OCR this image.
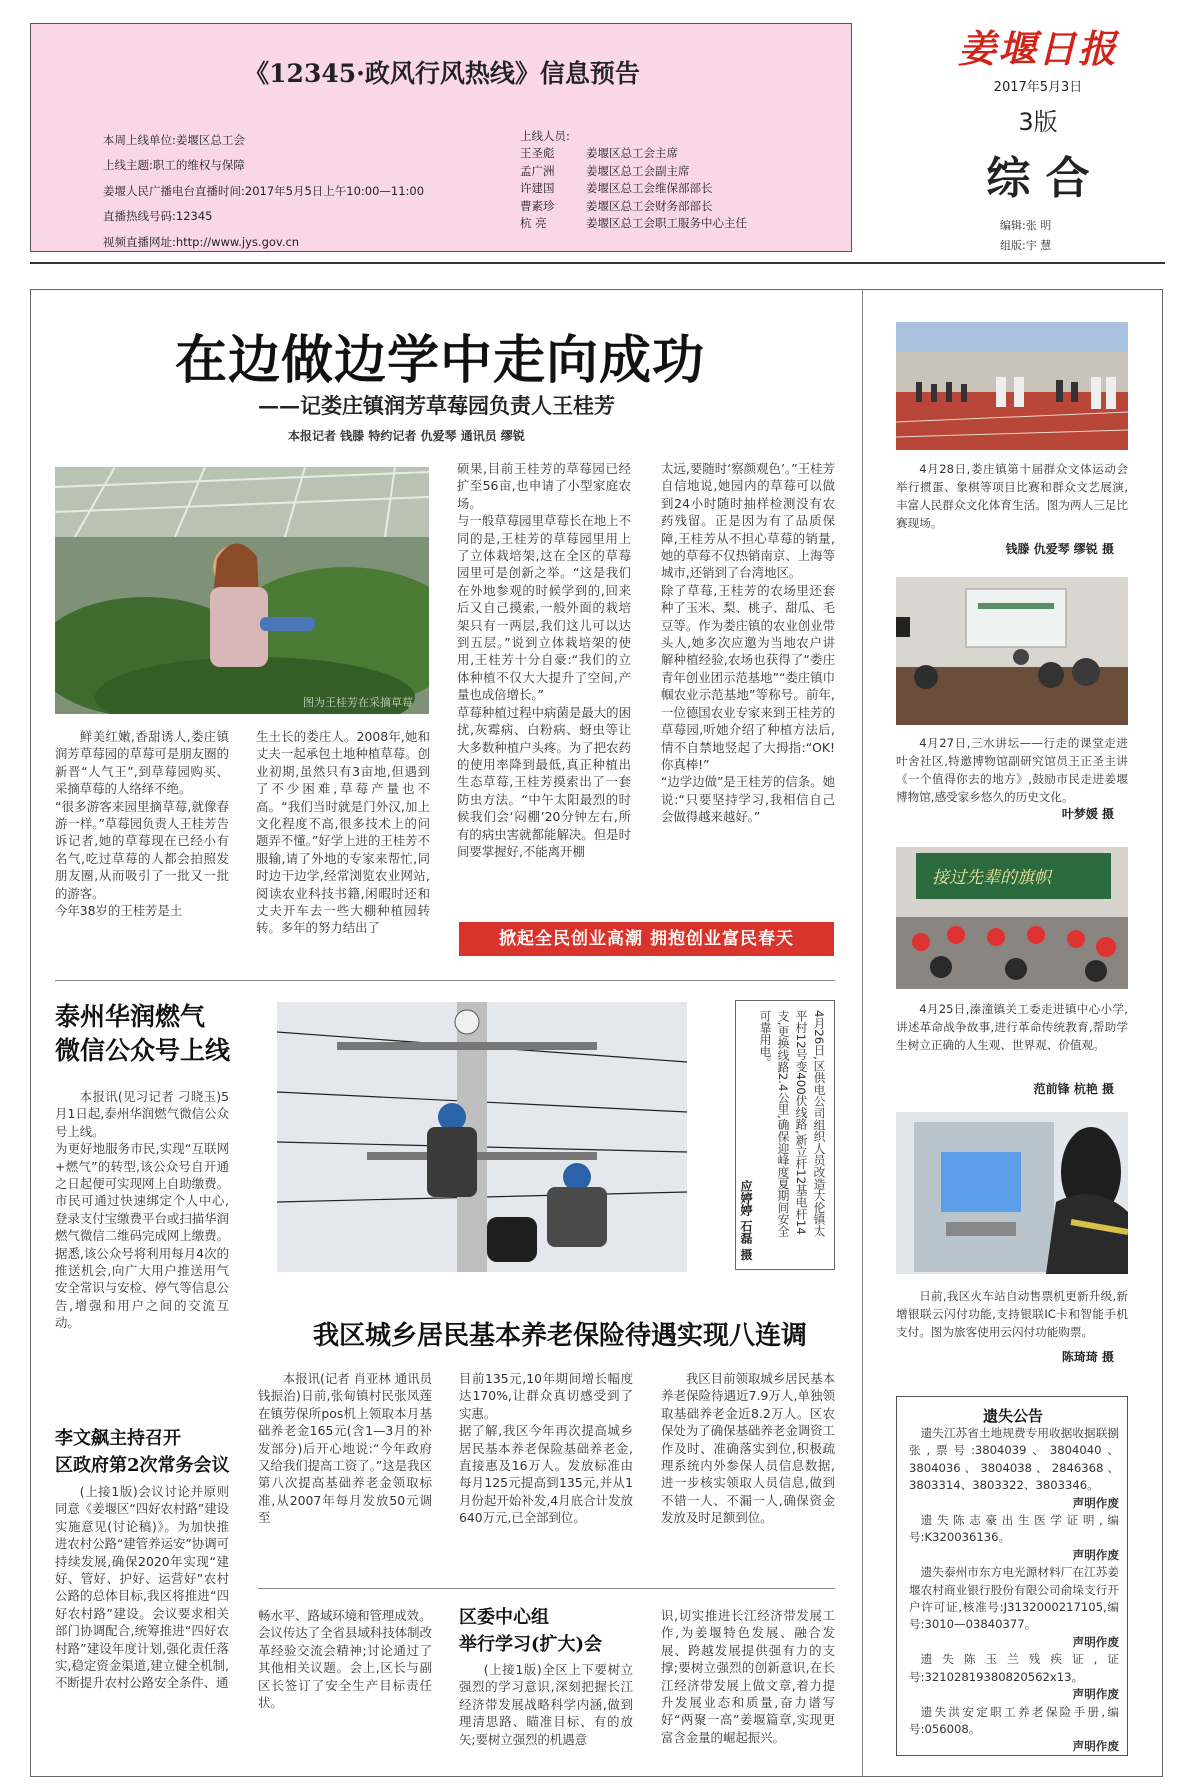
《12345·政风行风热线》信息预告
本周上线单位:姜堰区总工会
上线主题:职工的维权与保障
姜堰人民广播电台直播时间:2017年5月5日上午10:00—11:00
直播热线号码:12345
视频直播网址:http://www.jys.gov.cn
上线人员:
王圣彪	姜堰区总工会主席
孟广洲	姜堰区总工会副主席
许建国	姜堰区总工会维保部部长
曹素珍	姜堰区总工会财务部部长
杭 亮	姜堰区总工会职工服务中心主任
姜堰日报
2017年5月3日
3版
综 合
编辑:张 明
组版:宇 慧
在边做边学中走向成功
——记娄庄镇润芳草莓园负责人王桂芳
本报记者 钱滕 特约记者 仇爱琴 通讯员 缪锐
图为王桂芳在采摘草莓
鲜美红嫩,香甜诱人,娄庄镇润芳草莓园的草莓可是朋友圈的新晋“人气王”,到草莓园购买、采摘草莓的人络绎不绝。
“很多游客来园里摘草莓,就像春游一样。”草莓园负责人王桂芳告诉记者,她的草莓现在已经小有名气,吃过草莓的人都会拍照发朋友圈,从而吸引了一批又一批的游客。
今年38岁的王桂芳是土
生土长的娄庄人。2008年,她和丈夫一起承包土地种植草莓。创业初期,虽然只有3亩地,但遇到了不少困难,草莓产量也不高。“我们当时就是门外汉,加上文化程度不高,很多技术上的问题弄不懂。”好学上进的王桂芳不服输,请了外地的专家来帮忙,同时边干边学,经常浏览农业网站,阅读农业科技书籍,闲暇时还和丈夫开车去一些大棚种植园转转。多年的努力结出了
硕果,目前王桂芳的草莓园已经扩至56亩,也申请了小型家庭农场。
与一般草莓园里草莓长在地上不同的是,王桂芳的草莓园里用上了立体栽培架,这在全区的草莓园里可是创新之举。“这是我们在外地参观的时候学到的,回来后又自己摸索,一般外面的栽培架只有一两层,我们这儿可以达到五层。”说到立体栽培架的使用,王桂芳十分自豪:“我们的立体种植不仅大大提升了空间,产量也成倍增长。”
草莓种植过程中病菌是最大的困扰,灰霉病、白粉病、蚜虫等让大多数种植户头疼。为了把农药的使用率降到最低,真正种植出生态草莓,王桂芳摸索出了一套防虫方法。“中午太阳最烈的时候我们会‘闷棚’20分钟左右,所有的病虫害就都能解决。但是时间要掌握好,不能离开棚
太远,要随时‘察颜观色’。”王桂芳自信地说,她园内的草莓可以做到24小时随时抽样检测没有农药残留。正是因为有了品质保障,王桂芳从不担心草莓的销量,她的草莓不仅热销南京、上海等城市,还销到了台湾地区。
除了草莓,王桂芳的农场里还套种了玉米、梨、桃子、甜瓜、毛豆等。作为娄庄镇的农业创业带头人,她多次应邀为当地农户讲解种植经验,农场也获得了“娄庄青年创业团示范基地”“娄庄镇巾帼农业示范基地”等称号。前年,一位德国农业专家来到王桂芳的草莓园,听她介绍了种植方法后,情不自禁地竖起了大拇指:“OK!你真棒!”
“边学边做”是王桂芳的信条。她说:“只要坚持学习,我相信自己会做得越来越好。”
掀起全民创业高潮 拥抱创业富民春天
泰州华润燃气
微信公众号上线
本报讯(见习记者 刁晓玉)5月1日起,泰州华润燃气微信公众号上线。
为更好地服务市民,实现“互联网+燃气”的转型,该公众号自开通之日起便可实现网上自助缴费。市民可通过快速绑定个人中心,登录支付宝缴费平台或扫描华润燃气微信二维码完成网上缴费。据悉,该公众号将利用每月4次的推送机会,向广大用户推送用气安全常识与安检、停气等信息公告,增强和用户之间的交流互动。
4月26日,区供电公司组织人员改造大伦镇太平村12号变400伏线路,新立杆12基电杆14支,更换线路2.4公里,确保迎峰度夏期间安全可靠用电。
应婷婷 石磊 摄
我区城乡居民基本养老保险待遇实现八连调
本报讯(记者 肖亚林 通讯员 钱振治)日前,张甸镇村民张凤莲在镇劳保所pos机上领取本月基础养老金165元(含1—3月的补发部分)后开心地说:“今年政府又给我们提高工资了。”这是我区第八次提高基础养老金领取标准,从2007年每月发放50元调至
目前135元,10年期间增长幅度达170%,让群众真切感受到了实惠。
据了解,我区今年再次提高城乡居民基本养老保险基础养老金,直接惠及16万人。发放标准由每月125元提高到135元,并从1月份起开始补发,4月底合计发放640万元,已全部到位。
我区目前领取城乡居民基本养老保险待遇近7.9万人,单独领取基础养老金近8.2万人。区农保处为了确保基础养老金调资工作及时、准确落实到位,积极疏理系统内外参保人员信息数据,进一步核实领取人员信息,做到不错一人、不漏一人,确保资金发放及时足额到位。
李文飙主持召开
区政府第2次常务会议
(上接1版)会议讨论并原则同意《姜堰区“四好农村路”建设实施意见(讨论稿)》。为加快推进农村公路“建管养运安”协调可持续发展,确保2020年实现“建好、管好、护好、运营好”农村公路的总体目标,我区将推进“四好农村路”建设。会议要求相关部门协调配合,统筹推进“四好农村路”建设年度计划,强化责任落实,稳定资金渠道,建立健全机制,不断提升农村公路安全条件、通
畅水平、路域环境和管理成效。
会议传达了全省县域科技体制改革经验交流会精神;讨论通过了其他相关议题。会上,区长与副区长签订了安全生产目标责任状。
区委中心组
举行学习(扩大)会
(上接1版)全区上下要树立强烈的学习意识,深刻把握长江经济带发展战略科学内涵,做到理清思路、瞄准目标、有的放矢;要树立强烈的机遇意
识,切实推进长江经济带发展工作,为姜堰特色发展、融合发展、跨越发展提供强有力的支撑;要树立强烈的创新意识,在长江经济带发展上做文章,着力提升发展业态和质量,奋力谱写好“两聚一高”姜堰篇章,实现更富含金量的崛起振兴。
4月28日,娄庄镇第十届群众文体运动会举行掼蛋、象棋等项目比赛和群众文艺展演,丰富人民群众文化体育生活。图为两人三足比赛现场。
钱滕 仇爱琴 缪锐 摄
4月27日,三水讲坛——行走的课堂走进叶舍社区,特邀博物馆副研究馆员王正圣主讲《一个值得你去的地方》,鼓励市民走进姜堰博物馆,感受家乡悠久的历史文化。
叶梦媛 摄
接过先辈的旗帜
4月25日,溱潼镇关工委走进镇中心小学,讲述革命战争故事,进行革命传统教育,帮助学生树立正确的人生观、世界观、价值观。
范前锋 杭艳 摄
日前,我区火车站自动售票机更新升级,新增银联云闪付功能,支持银联IC卡和智能手机支付。图为旅客使用云闪付功能购票。
陈琦琦 摄
遗失公告
遗失江苏省土地规费专用收据收据联捌张,票号:3804039、3804040、3804036、3804038、2846368、3803314、3803322、3803346。
声明作废
遗失陈志豪出生医学证明,编号:K320036136。
声明作废
遗失泰州市东方电光源材料厂在江苏姜堰农村商业银行股份有限公司俞垛支行开户许可证,核准号:J3132000217105,编号:3010—03840377。
声明作废
遗失陈玉兰残疾证,证号:32102819380820562x13。
声明作废
遗失洪安定职工养老保险手册,编号:056008。
声明作废
